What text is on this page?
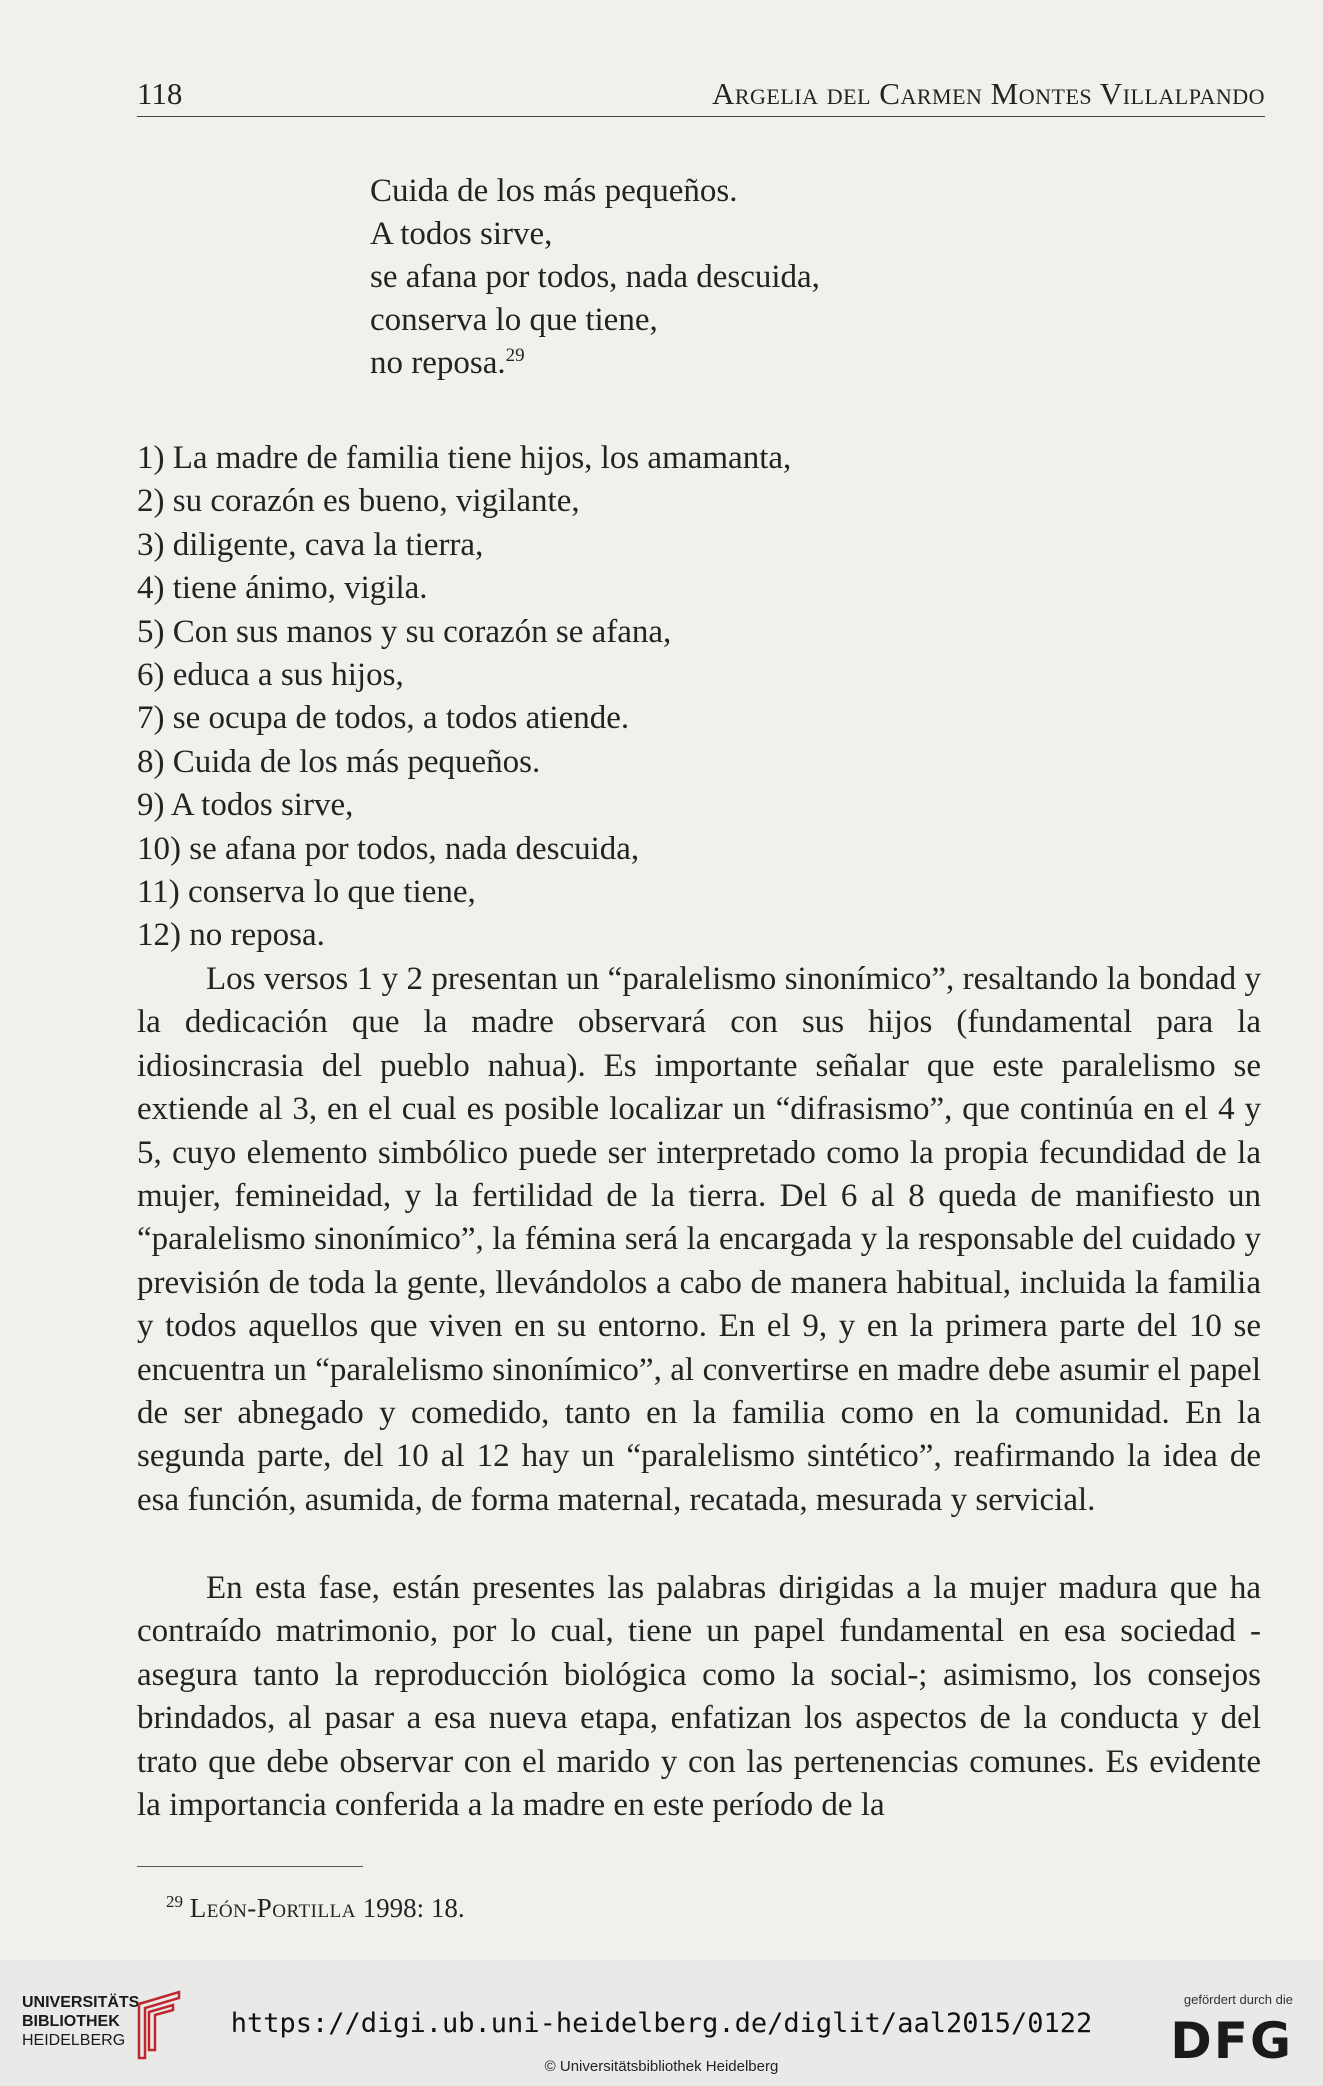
118	Argelia del Carmen Montes Villalpando
Cuida de los más pequeños.
A todos sirve,
se afana por todos, nada descuida,
conserva lo que tiene,
no reposa.$^{29}$
1) La madre de familia tiene hijos, los amamanta,
2) su corazón es bueno, vigilante,
3) diligente, cava la tierra,
4) tiene ánimo, vigila.
5) Con sus manos y su corazón se afana,
6) educa a sus hijos,
7) se ocupa de todos, a todos atiende.
8) Cuida de los más pequeños.
9) A todos sirve,
10) se afana por todos, nada descuida,
11) conserva lo que tiene,
12) no reposa.

Los versos 1 y 2 presentan un “paralelismo sinonímico”, resaltando la bondad y la dedicación que la madre observará con sus hijos (fundamental para la idiosincrasia del pueblo nahua). Es importante señalar que este paralelismo se extiende al 3, en el cual es posible localizar un “difrasismo”, que continúa en el 4 y 5, cuyo elemento simbólico puede ser interpretado como la propia fecundidad de la mujer, femineidad, y la fertilidad de la tierra. Del 6 al 8 queda de manifiesto un “paralelismo sinonímico”, la fémina será la encargada y la responsable del cuidado y previsión de toda la gente, llevándolos a cabo de manera habitual, incluida la familia y todos aquellos que viven en su entorno. En el 9, y en la primera parte del 10 se encuentra un “paralelismo sinonímico”, al convertirse en madre debe asumir el papel de ser abnegado y comedido, tanto en la familia como en la comunidad. En la segunda parte, del 10 al 12 hay un “paralelismo sintético”, reafirmando la idea de esa función, asumida, de forma maternal, recatada, mesurada y servicial.

En esta fase, están presentes las palabras dirigidas a la mujer madura que ha contraído matrimonio, por lo cual, tiene un papel fundamental en esa sociedad -asegura tanto la reproducción biológica como la social-; asimismo, los consejos brindados, al pasar a esa nueva etapa, enfatizan los aspectos de la conducta y del trato que debe observar con el marido y con las pertenencias comunes. Es evidente la importancia conferida a la madre en este período de la

$^{29}$ León-Portilla 1998: 18.
UNIVERSITÄTS-
BIBLIOTHEK
HEIDELBERG
https://digi.ub.uni-heidelberg.de/diglit/aal2015/0122
© Universitätsbibliothek Heidelberg
gefördert durch die
DFG
